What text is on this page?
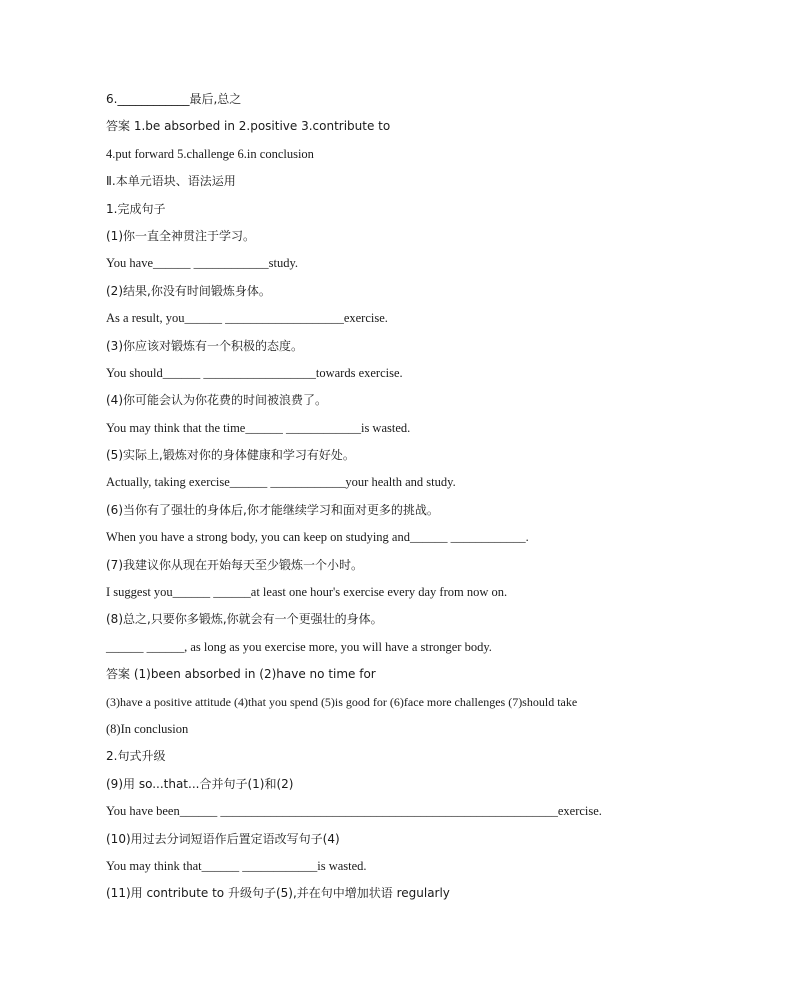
6.____________最后,总之
答案 1.be absorbed in 2.positive 3.contribute to
4.put forward 5.challenge 6.in conclusion
Ⅱ.本单元语块、语法运用
1.完成句子
(1)你一直全神贯注于学习。
You have______ ____________study.
(2)结果,你没有时间锻炼身体。
As a result, you______ ___________________exercise.
(3)你应该对锻炼有一个积极的态度。
You should______ __________________towards exercise.
(4)你可能会认为你花费的时间被浪费了。
You may think that the time______ ____________is wasted.
(5)实际上,锻炼对你的身体健康和学习有好处。
Actually, taking exercise______ ____________your health and study.
(6)当你有了强壮的身体后,你才能继续学习和面对更多的挑战。
When you have a strong body, you can keep on studying and______ ____________.
(7)我建议你从现在开始每天至少锻炼一个小时。
I suggest you______ ______at least one hour's exercise every day from now on.
(8)总之,只要你多锻炼,你就会有一个更强壮的身体。
______ ______, as long as you exercise more, you will have a stronger body.
答案 (1)been absorbed in (2)have no time for
(3)have a positive attitude (4)that you spend (5)is good for (6)face more challenges (7)should take
(8)In conclusion
2.句式升级
(9)用 so...that...合并句子(1)和(2)
You have been______ ______________________________________________________exercise.
(10)用过去分词短语作后置定语改写句子(4)
You may think that______ ____________is wasted.
(11)用 contribute to 升级句子(5),并在句中增加状语 regularly
